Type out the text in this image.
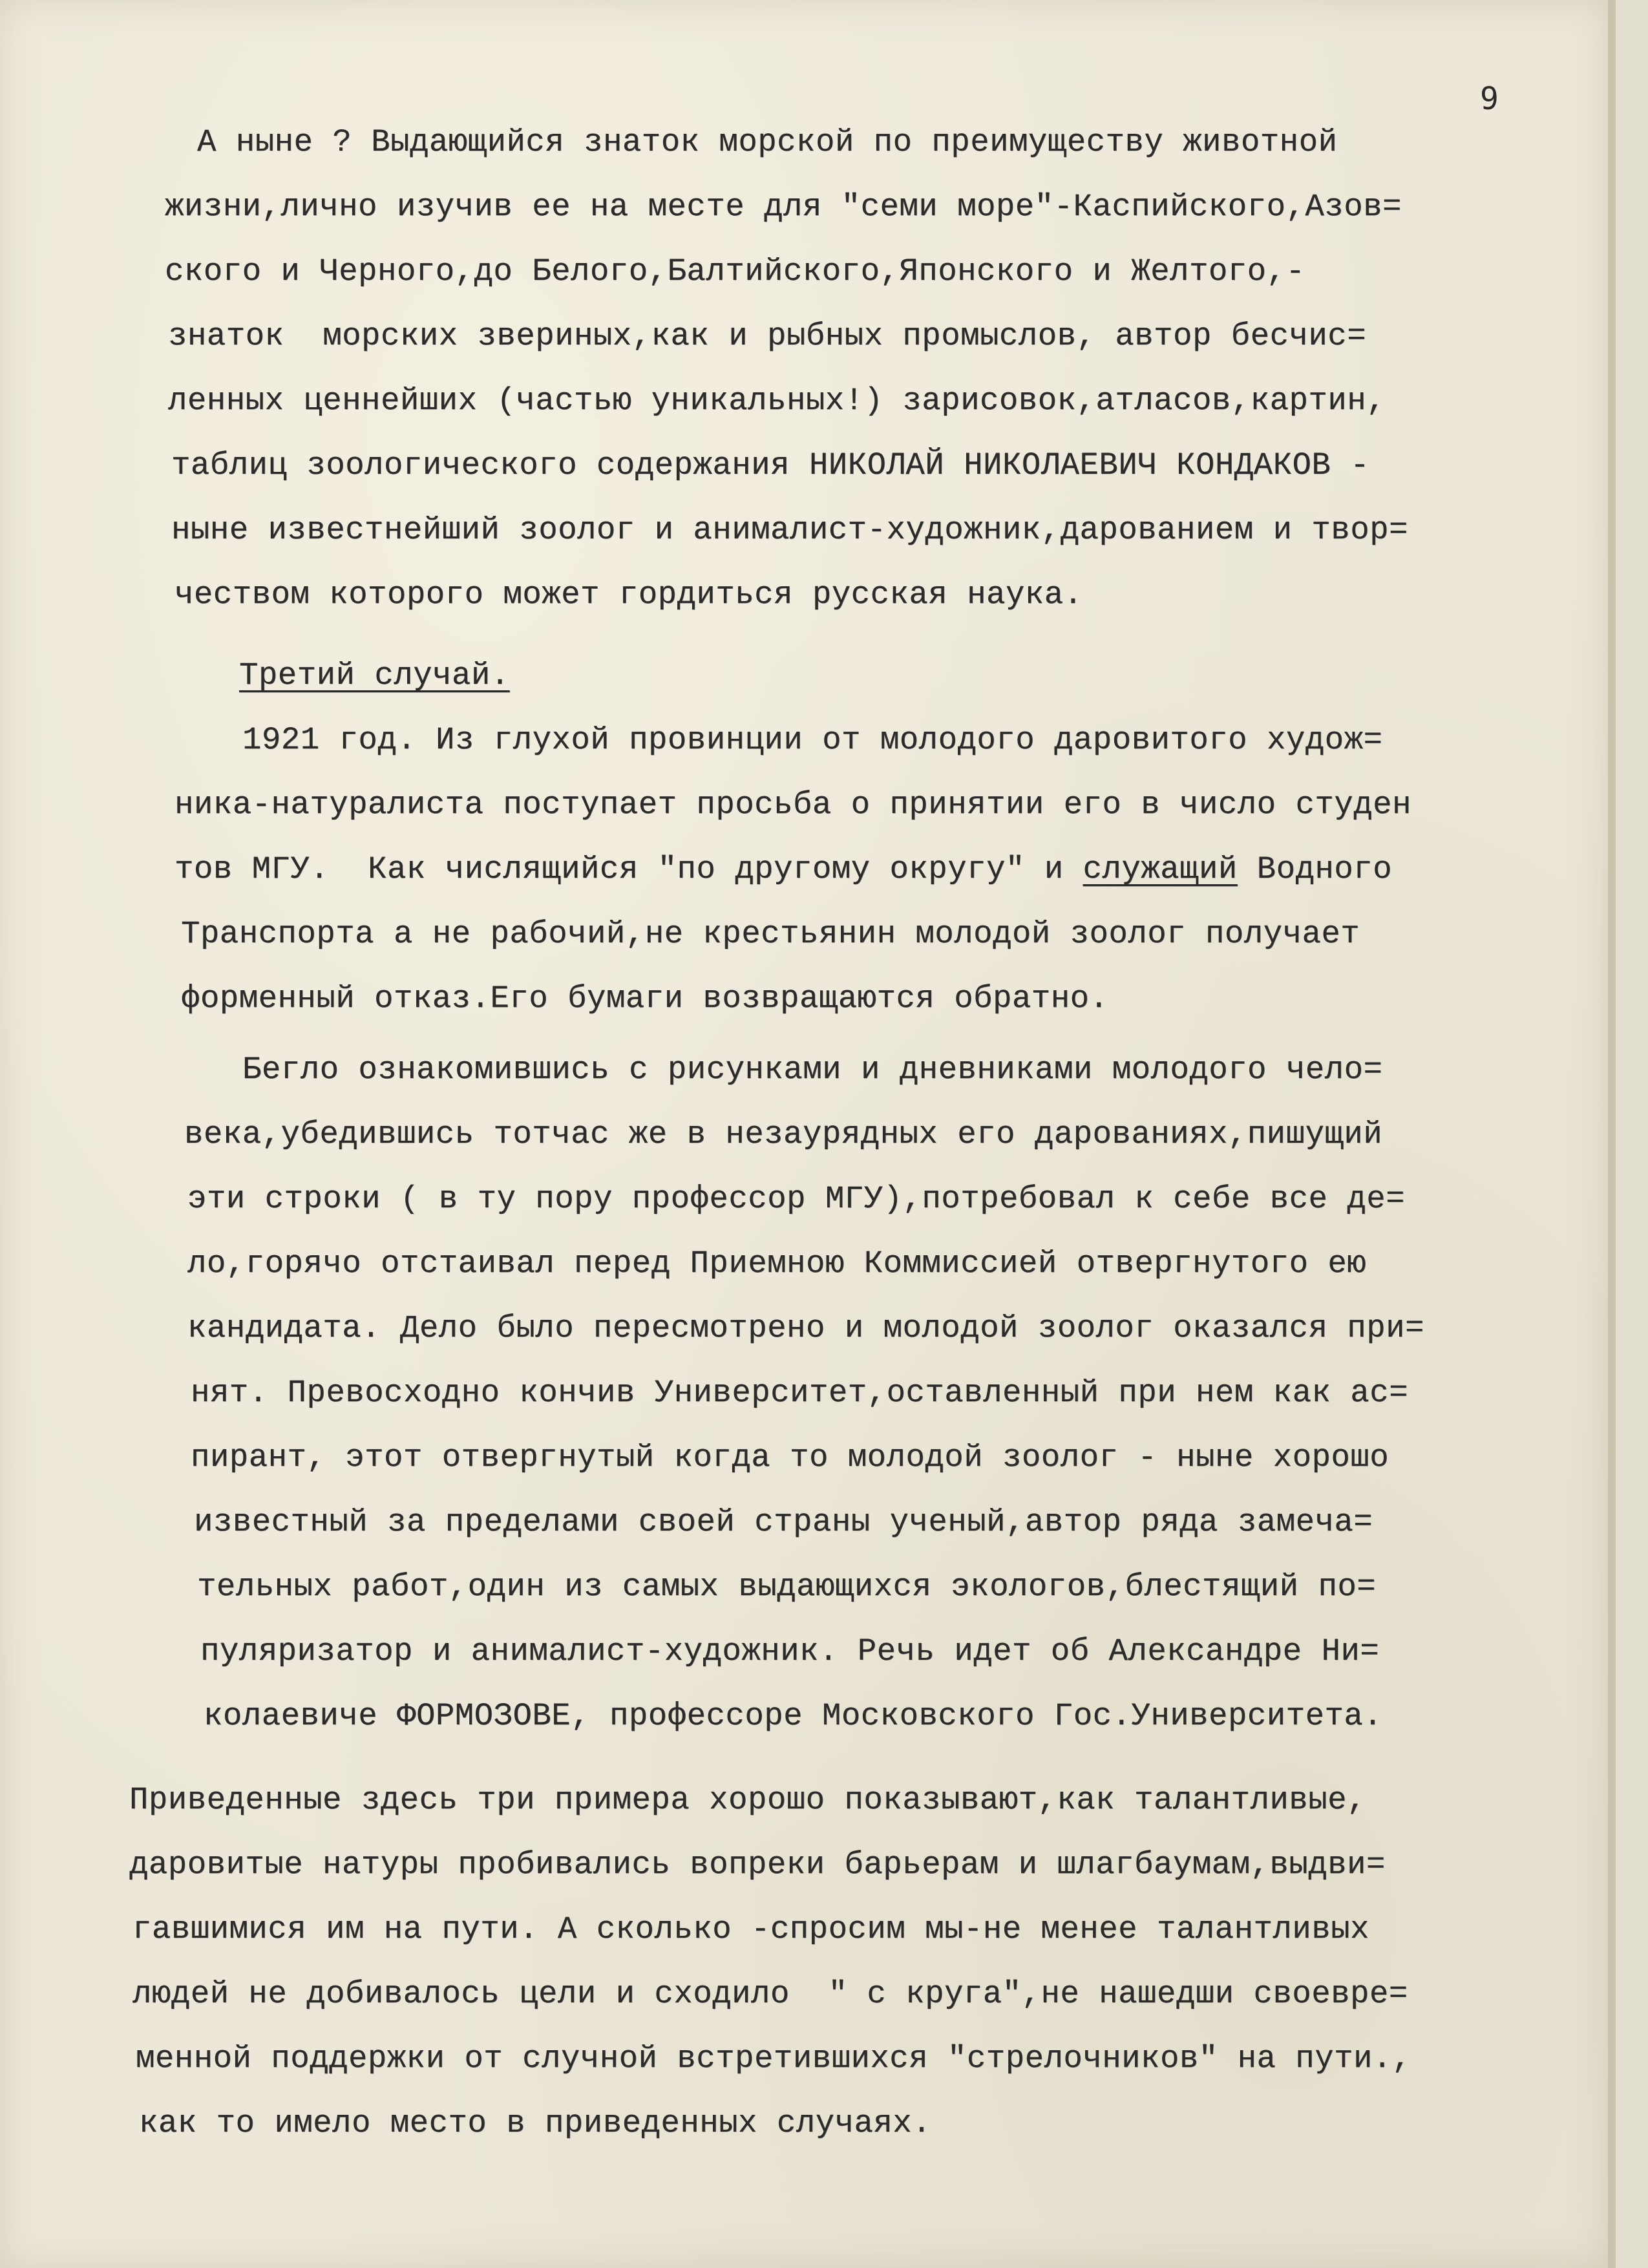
9
А ныне ? Выдающийся знаток морской по преимуществу животной
жизни,лично изучив ее на месте для "семи море"-Каспийского,Азов=
ского и Черного,до Белого,Балтийского,Японского и Желтого,-
знаток  морских звериных,как и рыбных промыслов, автор бесчис=
ленных ценнейших (частью уникальных!) зарисовок,атласов,картин,
таблиц зоологического содержания НИКОЛАЙ НИКОЛАЕВИЧ КОНДАКОВ -
ныне известнейший зоолог и анималист-художник,дарованием и твор=
чеством которого может гордиться русская наука.
Третий случай.
1921 год. Из глухой провинции от молодого даровитого худож=
ника-натуралиста поступает просьба о принятии его в число студен
тов МГУ.  Как числящийся "по другому округу" и служащий Водного
Транспорта а не рабочий,не крестьянин молодой зоолог получает
форменный отказ.Его бумаги возвращаются обратно.
Бегло ознакомившись с рисунками и дневниками молодого чело=
века,убедившись тотчас же в незаурядных его дарованиях,пишущий
эти строки ( в ту пору профессор МГУ),потребовал к себе все де=
ло,горячо отстаивал перед Приемною Коммиссией отвергнутого ею
кандидата. Дело было пересмотрено и молодой зоолог оказался при=
нят. Превосходно кончив Университет,оставленный при нем как ас=
пирант, этот отвергнутый когда то молодой зоолог - ныне хорошо
известный за пределами своей страны ученый,автор ряда замеча=
тельных работ,один из самых выдающихся экологов,блестящий по=
пуляризатор и анималист-художник. Речь идет об Александре Ни=
колаевиче ФОРМОЗОВЕ, профессоре Московского Гос.Университета.
Приведенные здесь три примера хорошо показывают,как талантливые,
даровитые натуры пробивались вопреки барьерам и шлагбаумам,выдви=
гавшимися им на пути. А сколько -спросим мы-не менее талантливых
людей не добивалось цели и сходило  " с круга",не нашедши своевре=
менной поддержки от случной встретившихся "стрелочников" на пути.,
как то имело место в приведенных случаях.
